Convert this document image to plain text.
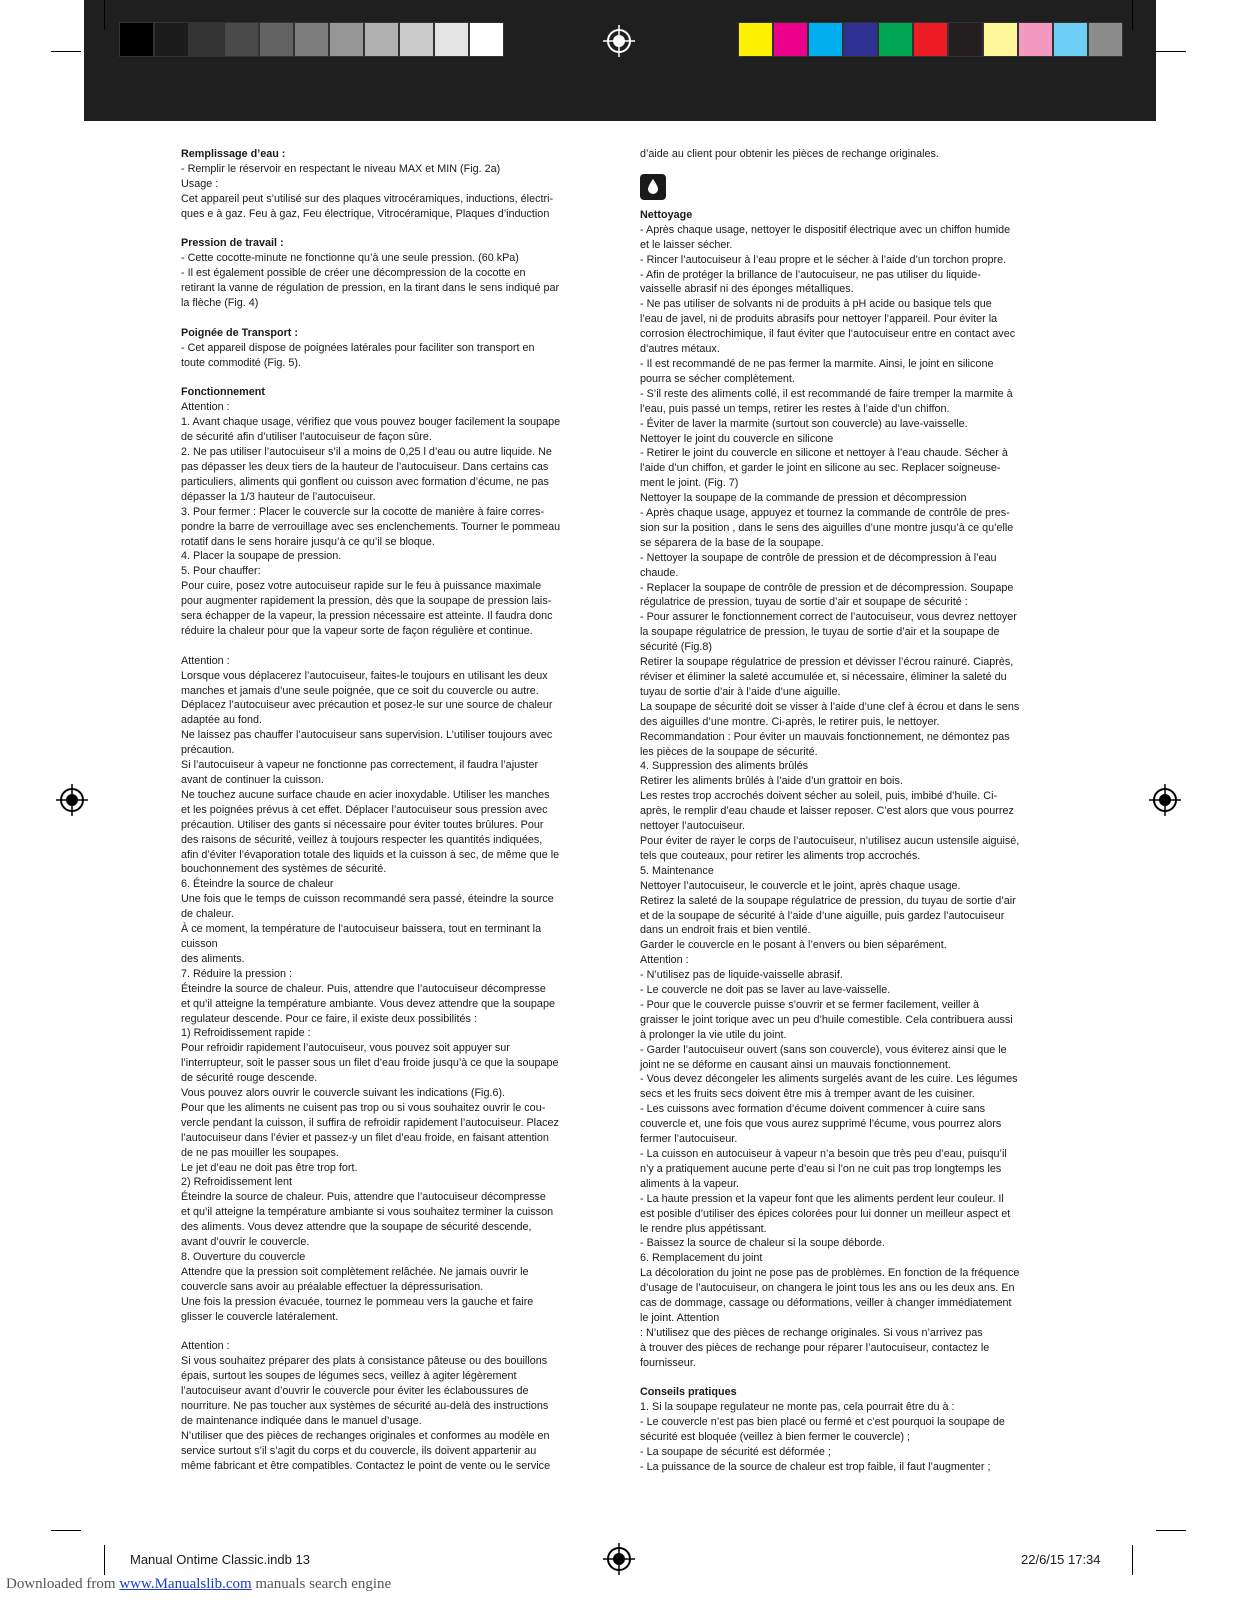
Remplissage d’eau :

- Remplir le réservoir en respectant le niveau MAX et MIN (Fig. 2a)
Usage :
Cet appareil peut s’utilisé sur des plaques vitrocéramiques, inductions, électri-
ques e à gaz. Feu à gaz, Feu électrique, Vitrocéramique, Plaques d’induction

Pression de travail :

- Cette cocotte-minute ne fonctionne qu’à une seule pression. (60 kPa)
- Il est également possible de créer une décompression de la cocotte en
retirant la vanne de régulation de pression, en la tirant dans le sens indiqué par
la flèche (Fig. 4)

Poignée de Transport :

- Cet appareil dispose de poignées latérales pour faciliter son transport en
toute commodité (Fig. 5).

Fonctionnement

Attention :
1. Avant chaque usage, vérifiez que vous pouvez bouger facilement la soupape
de sécurité afin d’utiliser l’autocuiseur de façon sûre.
2. Ne pas utiliser l’autocuiseur s’il a moins de 0,25 l d’eau ou autre liquide. Ne
pas dépasser les deux tiers de la hauteur de l’autocuiseur. Dans certains cas
particuliers, aliments qui gonflent ou cuisson avec formation d’écume, ne pas
dépasser la 1/3 hauteur de l’autocuiseur.
3. Pour fermer : Placer le couvercle sur la cocotte de manière à faire corres-
pondre la barre de verrouillage avec ses enclenchements. Tourner le pommeau
rotatif dans le sens horaire jusqu’à ce qu’il se bloque.
4. Placer la soupape de pression.
5. Pour chauffer:
Pour cuire, posez votre autocuiseur rapide sur le feu à puissance maximale
pour augmenter rapidement la pression, dès que la soupape de pression lais-
sera échapper de la vapeur, la pression nécessaire est atteinte. Il faudra donc
réduire la chaleur pour que la vapeur sorte de façon régulière et continue.

Attention :
Lorsque vous déplacerez l’autocuiseur, faites-le toujours en utilisant les deux
manches et jamais d’une seule poignée, que ce soit du couvercle ou autre.
Déplacez l’autocuiseur avec précaution et posez-le sur une source de chaleur
adaptée au fond.
Ne laissez pas chauffer l’autocuiseur sans supervision. L’utiliser toujours avec
précaution.
Si l’autocuiseur à vapeur ne fonctionne pas correctement, il faudra l’ajuster
avant de continuer la cuisson.
Ne touchez aucune surface chaude en acier inoxydable. Utiliser les manches
et les poignées prévus à cet effet. Déplacer l’autocuiseur sous pression avec
précaution. Utiliser des gants si nécessaire pour éviter toutes brûlures. Pour
des raisons de sécurité, veillez à toujours respecter les quantités indiquées,
afin d’éviter l’évaporation totale des liquids et la cuisson à sec, de même que le
bouchonnement des systèmes de sécurité.
6. Éteindre la source de chaleur
Une fois que le temps de cuisson recommandé sera passé, éteindre la source
de chaleur.
À ce moment, la température de l’autocuiseur baissera, tout en terminant la
cuisson
des aliments.
7. Réduire la pression :
Éteindre la source de chaleur. Puis, attendre que l’autocuiseur décompresse
et qu’il atteigne la température ambiante. Vous devez attendre que la soupape
regulateur descende. Pour ce faire, il existe deux possibilités :
1) Refroidissement rapide :
Pour refroidir rapidement l’autocuiseur, vous pouvez soit appuyer sur
l’interrupteur, soit le passer sous un filet d’eau froide jusqu’à ce que la soupape
de sécurité rouge descende.
Vous pouvez alors ouvrir le couvercle suivant les indications (Fig.6).
Pour que les aliments ne cuisent pas trop ou si vous souhaitez ouvrir le cou-
vercle pendant la cuisson, il suffira de refroidir rapidement l’autocuiseur. Placez
l’autocuiseur dans l’évier et passez-y un filet d’eau froide, en faisant attention
de ne pas mouiller les soupapes.
Le jet d’eau ne doit pas être trop fort.
2) Refroidissement lent
Éteindre la source de chaleur. Puis, attendre que l’autocuiseur décompresse
et qu’il atteigne la température ambiante si vous souhaitez terminer la cuisson
des aliments. Vous devez attendre que la soupape de sécurité descende,
avant d’ouvrir le couvercle.
8. Ouverture du couvercle
Attendre que la pression soit complètement relâchée. Ne jamais ouvrir le
couvercle sans avoir au préalable effectuer la dépressurisation.
Une fois la pression évacuée, tournez le pommeau vers la gauche et faire
glisser le couvercle latéralement.

Attention :
Si vous souhaitez préparer des plats à consistance pâteuse ou des bouillons
épais, surtout les soupes de légumes secs, veillez à agiter légèrement
l’autocuiseur avant d’ouvrir le couvercle pour éviter les éclaboussures de
nourriture. Ne pas toucher aux systèmes de sécurité au-delà des instructions
de maintenance indiquée dans le manuel d’usage.
N’utiliser que des pièces de rechanges originales et conformes au modèle en
service surtout s’il s’agit du corps et du couvercle, ils doivent appartenir au
même fabricant et être compatibles. Contactez le point de vente ou le service

d’aide au client pour obtenir les pièces de rechange originales.

Nettoyage

- Après chaque usage, nettoyer le dispositif électrique avec un chiffon humide
et le laisser sécher.
- Rincer l’autocuiseur à l’eau propre et le sécher à l’aide d’un torchon propre.
- Afin de protéger la brillance de l’autocuiseur, ne pas utiliser du liquide-
vaisselle abrasif ni des éponges métalliques.
- Ne pas utiliser de solvants ni de produits à pH acide ou basique tels que
l’eau de javel, ni de produits abrasifs pour nettoyer l’appareil. Pour éviter la
corrosion électrochimique, il faut éviter que l’autocuiseur entre en contact avec
d’autres métaux.
- Il est recommandé de ne pas fermer la marmite. Ainsi, le joint en silicone
pourra se sécher complètement.
- S’il reste des aliments collé, il est recommandé de faire tremper la marmite à
l’eau, puis passé un temps, retirer les restes à l’aide d’un chiffon.
- Éviter de laver la marmite (surtout son couvercle) au lave-vaisselle.
Nettoyer le joint du couvercle en silicone
- Retirer le joint du couvercle en silicone et nettoyer à l’eau chaude. Sécher à
l’aide d’un chiffon, et garder le joint en silicone au sec. Replacer soigneuse-
ment le joint. (Fig. 7)
Nettoyer la soupape de la commande de pression et décompression
- Après chaque usage, appuyez et tournez la commande de contrôle de pres-
sion sur la position , dans le sens des aiguilles d’une montre jusqu’à ce qu’elle
se séparera de la base de la soupape.
- Nettoyer la soupape de contrôle de pression et de décompression à l’eau
chaude.
- Replacer la soupape de contrôle de pression et de décompression. Soupape
régulatrice de pression, tuyau de sortie d’air et soupape de sécurité :
- Pour assurer le fonctionnement correct de l’autocuiseur, vous devrez nettoyer
la soupape régulatrice de pression, le tuyau de sortie d’air et la soupape de
sécurité (Fig.8)
Retirer la soupape régulatrice de pression et dévisser l’écrou rainuré. Ciaprès,
réviser et éliminer la saleté accumulée et, si nécessaire, éliminer la saleté du
tuyau de sortie d’air à l’aide d’une aiguille.
La soupape de sécurité doit se visser à l’aide d’une clef à écrou et dans le sens
des aiguilles d’une montre. Ci-après, le retirer puis, le nettoyer.
Recommandation : Pour éviter un mauvais fonctionnement, ne démontez pas
les pièces de la soupape de sécurité.
4. Suppression des aliments brûlés
Retirer les aliments brûlés à l’aide d’un grattoir en bois.
Les restes trop accrochés doivent sécher au soleil, puis, imbibé d’huile. Ci-
après, le remplir d’eau chaude et laisser reposer. C’est alors que vous pourrez
nettoyer l’autocuiseur.
Pour éviter de rayer le corps de l’autocuiseur, n’utilisez aucun ustensile aiguisé,
tels que couteaux, pour retirer les aliments trop accrochés.
5. Maintenance
Nettoyer l’autocuiseur, le couvercle et le joint, après chaque usage.
Retirez la saleté de la soupape régulatrice de pression, du tuyau de sortie d’air
et de la soupape de sécurité à l’aide d’une aiguille, puis gardez l’autocuiseur
dans un endroit frais et bien ventilé.
Garder le couvercle en le posant à l’envers ou bien séparément.
Attention :
- N’utilisez pas de liquide-vaisselle abrasif.
- Le couvercle ne doit pas se laver au lave-vaisselle.
- Pour que le couvercle puisse s’ouvrir et se fermer facilement, veiller à
graisser le joint torique avec un peu d’huile comestible. Cela contribuera aussi
à prolonger la vie utile du joint.
- Garder l’autocuiseur ouvert (sans son couvercle), vous éviterez ainsi que le
joint ne se déforme en causant ainsi un mauvais fonctionnement.
- Vous devez décongeler les aliments surgelés avant de les cuire. Les légumes
secs et les fruits secs doivent être mis à tremper avant de les cuisiner.
- Les cuissons avec formation d’écume doivent commencer à cuire sans
couvercle et, une fois que vous aurez supprimé l’écume, vous pourrez alors
fermer l’autocuiseur.
- La cuisson en autocuiseur à vapeur n’a besoin que très peu d’eau, puisqu’il
n’y a pratiquement aucune perte d’eau si l’on ne cuit pas trop longtemps les
aliments à la vapeur.
- La haute pression et la vapeur font que les aliments perdent leur couleur. Il
est posible d’utiliser des épices colorées pour lui donner un meilleur aspect et
le rendre plus appétissant.
- Baissez la source de chaleur si la soupe déborde.
6. Remplacement du joint
La décoloration du joint ne pose pas de problèmes. En fonction de la fréquence
d’usage de l’autocuiseur, on changera le joint tous les ans ou les deux ans. En
cas de dommage, cassage ou déformations, veiller à changer immédiatement
le joint. Attention
: N’utilisez que des pièces de rechange originales. Si vous n’arrivez pas
à trouver des pièces de rechange pour réparer l’autocuiseur, contactez le
fournisseur.

Conseils pratiques

1. Si la soupape regulateur ne monte pas, cela pourrait être du à :
- Le couvercle n’est pas bien placé ou fermé et c’est pourquoi la soupape de
sécurité est bloquée (veillez à bien fermer le couvercle) ;
- La soupape de sécurité est déformée ;
- La puissance de la source de chaleur est trop faible, il faut l’augmenter ;

Manual Ontime Classic.indb 13	22/6/15 17:34
Downloaded from www.Manualslib.com manuals search engine
